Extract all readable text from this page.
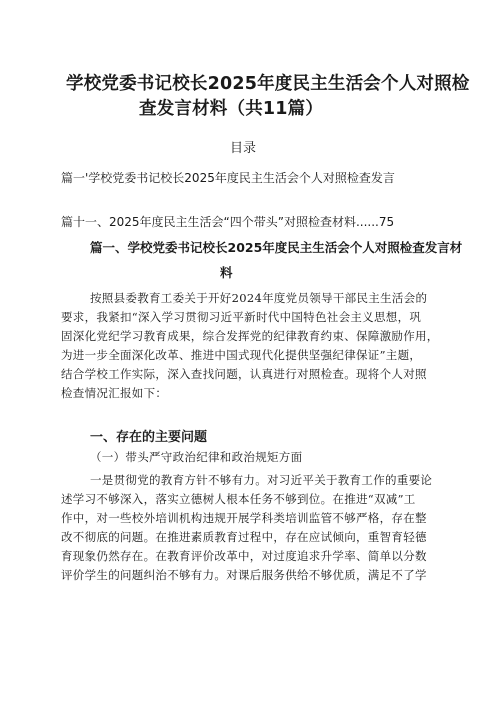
学校党委书记校长2025年度民主生活会个人对照检
查发言材料（共11篇）
目录
篇一'学校党委书记校长2025年度民主生活会个人对照检查发言
篇十一、2025年度民主生活会“四个带头”对照检查材料......75
篇一、学校党委书记校长2025年度民主生活会个人对照检查发言材
料
按照县委教育工委关于开好2024年度党员领导干部民主生活会的
要求，我紧扣“深入学习贯彻习近平新时代中国特色社会主义思想，巩
固深化党纪学习教育成果，综合发挥党的纪律教育约束、保障激励作用，
为进一步全面深化改革、推进中国式现代化提供坚强纪律保证”主题，
结合学校工作实际，深入查找问题，认真进行对照检查。现将个人对照
检查情况汇报如下：
一、存在的主要问题
（一）带头严守政治纪律和政治规矩方面
一是贯彻党的教育方针不够有力。对习近平关于教育工作的重要论
述学习不够深入，落实立德树人根本任务不够到位。在推进“双减”工
作中，对一些校外培训机构违规开展学科类培训监管不够严格，存在整
改不彻底的问题。在推进素质教育过程中，存在应试倾向，重智育轻德
育现象仍然存在。在教育评价改革中，对过度追求升学率、简单以分数
评价学生的问题纠治不够有力。对课后服务供给不够优质，满足不了学
